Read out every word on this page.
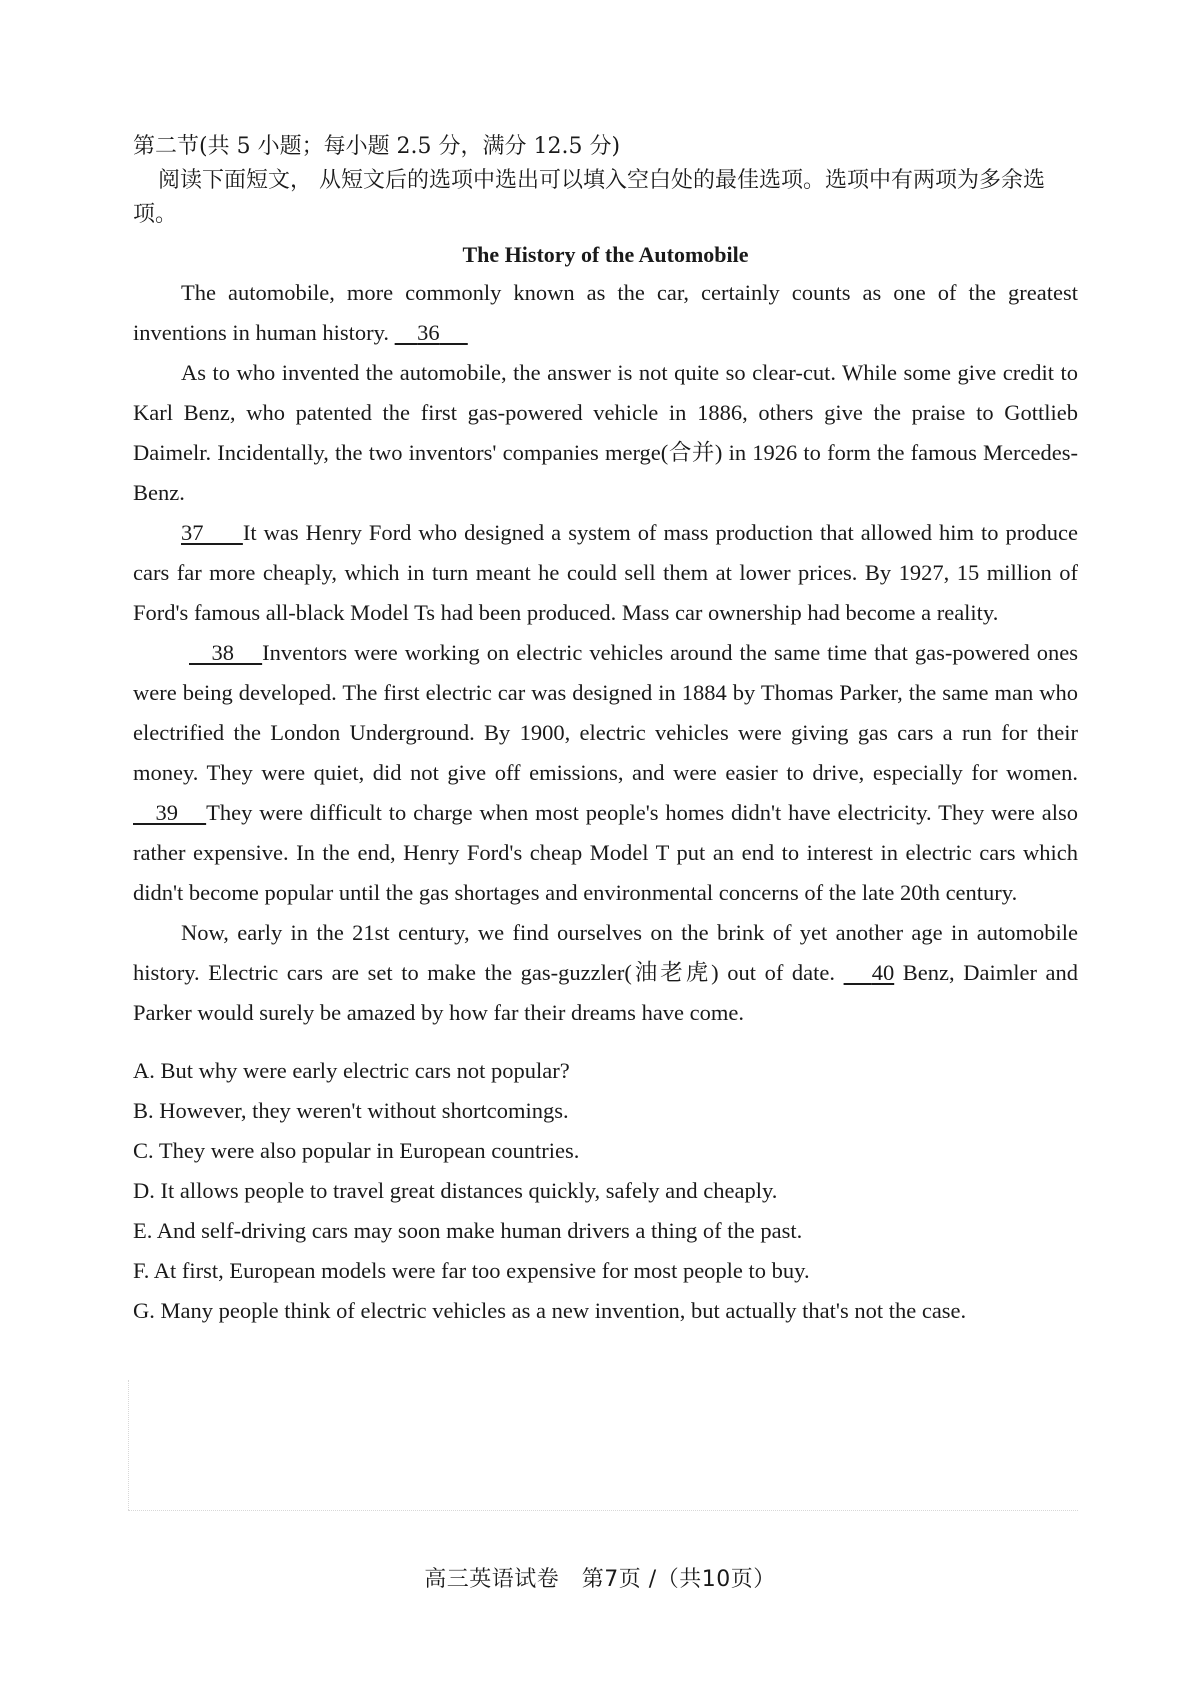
第二节(共 5 小题；每小题 2.5 分，满分 12.5 分)

阅读下面短文， 从短文后的选项中选出可以填入空白处的最佳选项。选项中有两项为多余选项。

The History of the Automobile

The automobile, more commonly known as the car, certainly counts as one of the greatest inventions in human history.     36

As to who invented the automobile, the answer is not quite so clear-cut. While some give credit to Karl Benz, who patented the first gas-powered vehicle in 1886, others give the praise to Gottlieb Daimelr. Incidentally, the two inventors' companies merge(合并) in 1926 to form the famous Mercedes-Benz.

37 It was Henry Ford who designed a system of mass production that allowed him to produce cars far more cheaply, which in turn meant he could sell them at lower prices. By 1927, 15 million of Ford's famous all-black Model Ts had been produced. Mass car ownership had become a reality.

38 Inventors were working on electric vehicles around the same time that gas-powered ones were being developed. The first electric car was designed in 1884 by Thomas Parker, the same man who electrified the London Underground. By 1900, electric vehicles were giving gas cars a run for their money. They were quiet, did not give off emissions, and were easier to drive, especially for women.    39 They were difficult to charge when most people's homes didn't have electricity. They were also rather expensive. In the end, Henry Ford's cheap Model T put an end to interest in electric cars which didn't become popular until the gas shortages and environmental concerns of the late 20th century.

Now, early in the 21st century, we find ourselves on the brink of yet another age in automobile history. Electric cars are set to make the gas-guzzler(油老虎) out of date.      40 Benz, Daimler and Parker would surely be amazed by how far their dreams have come.

A. But why were early electric cars not popular?

B. However, they weren't without shortcomings.

C. They were also popular in European countries.

D. It allows people to travel great distances quickly, safely and cheaply.

E. And self-driving cars may soon make human drivers a thing of the past.

F. At first, European models were far too expensive for most people to buy.

G. Many people think of electric vehicles as a new invention, but actually that's not the case.

高三英语试卷　第7页 /（共10页）
